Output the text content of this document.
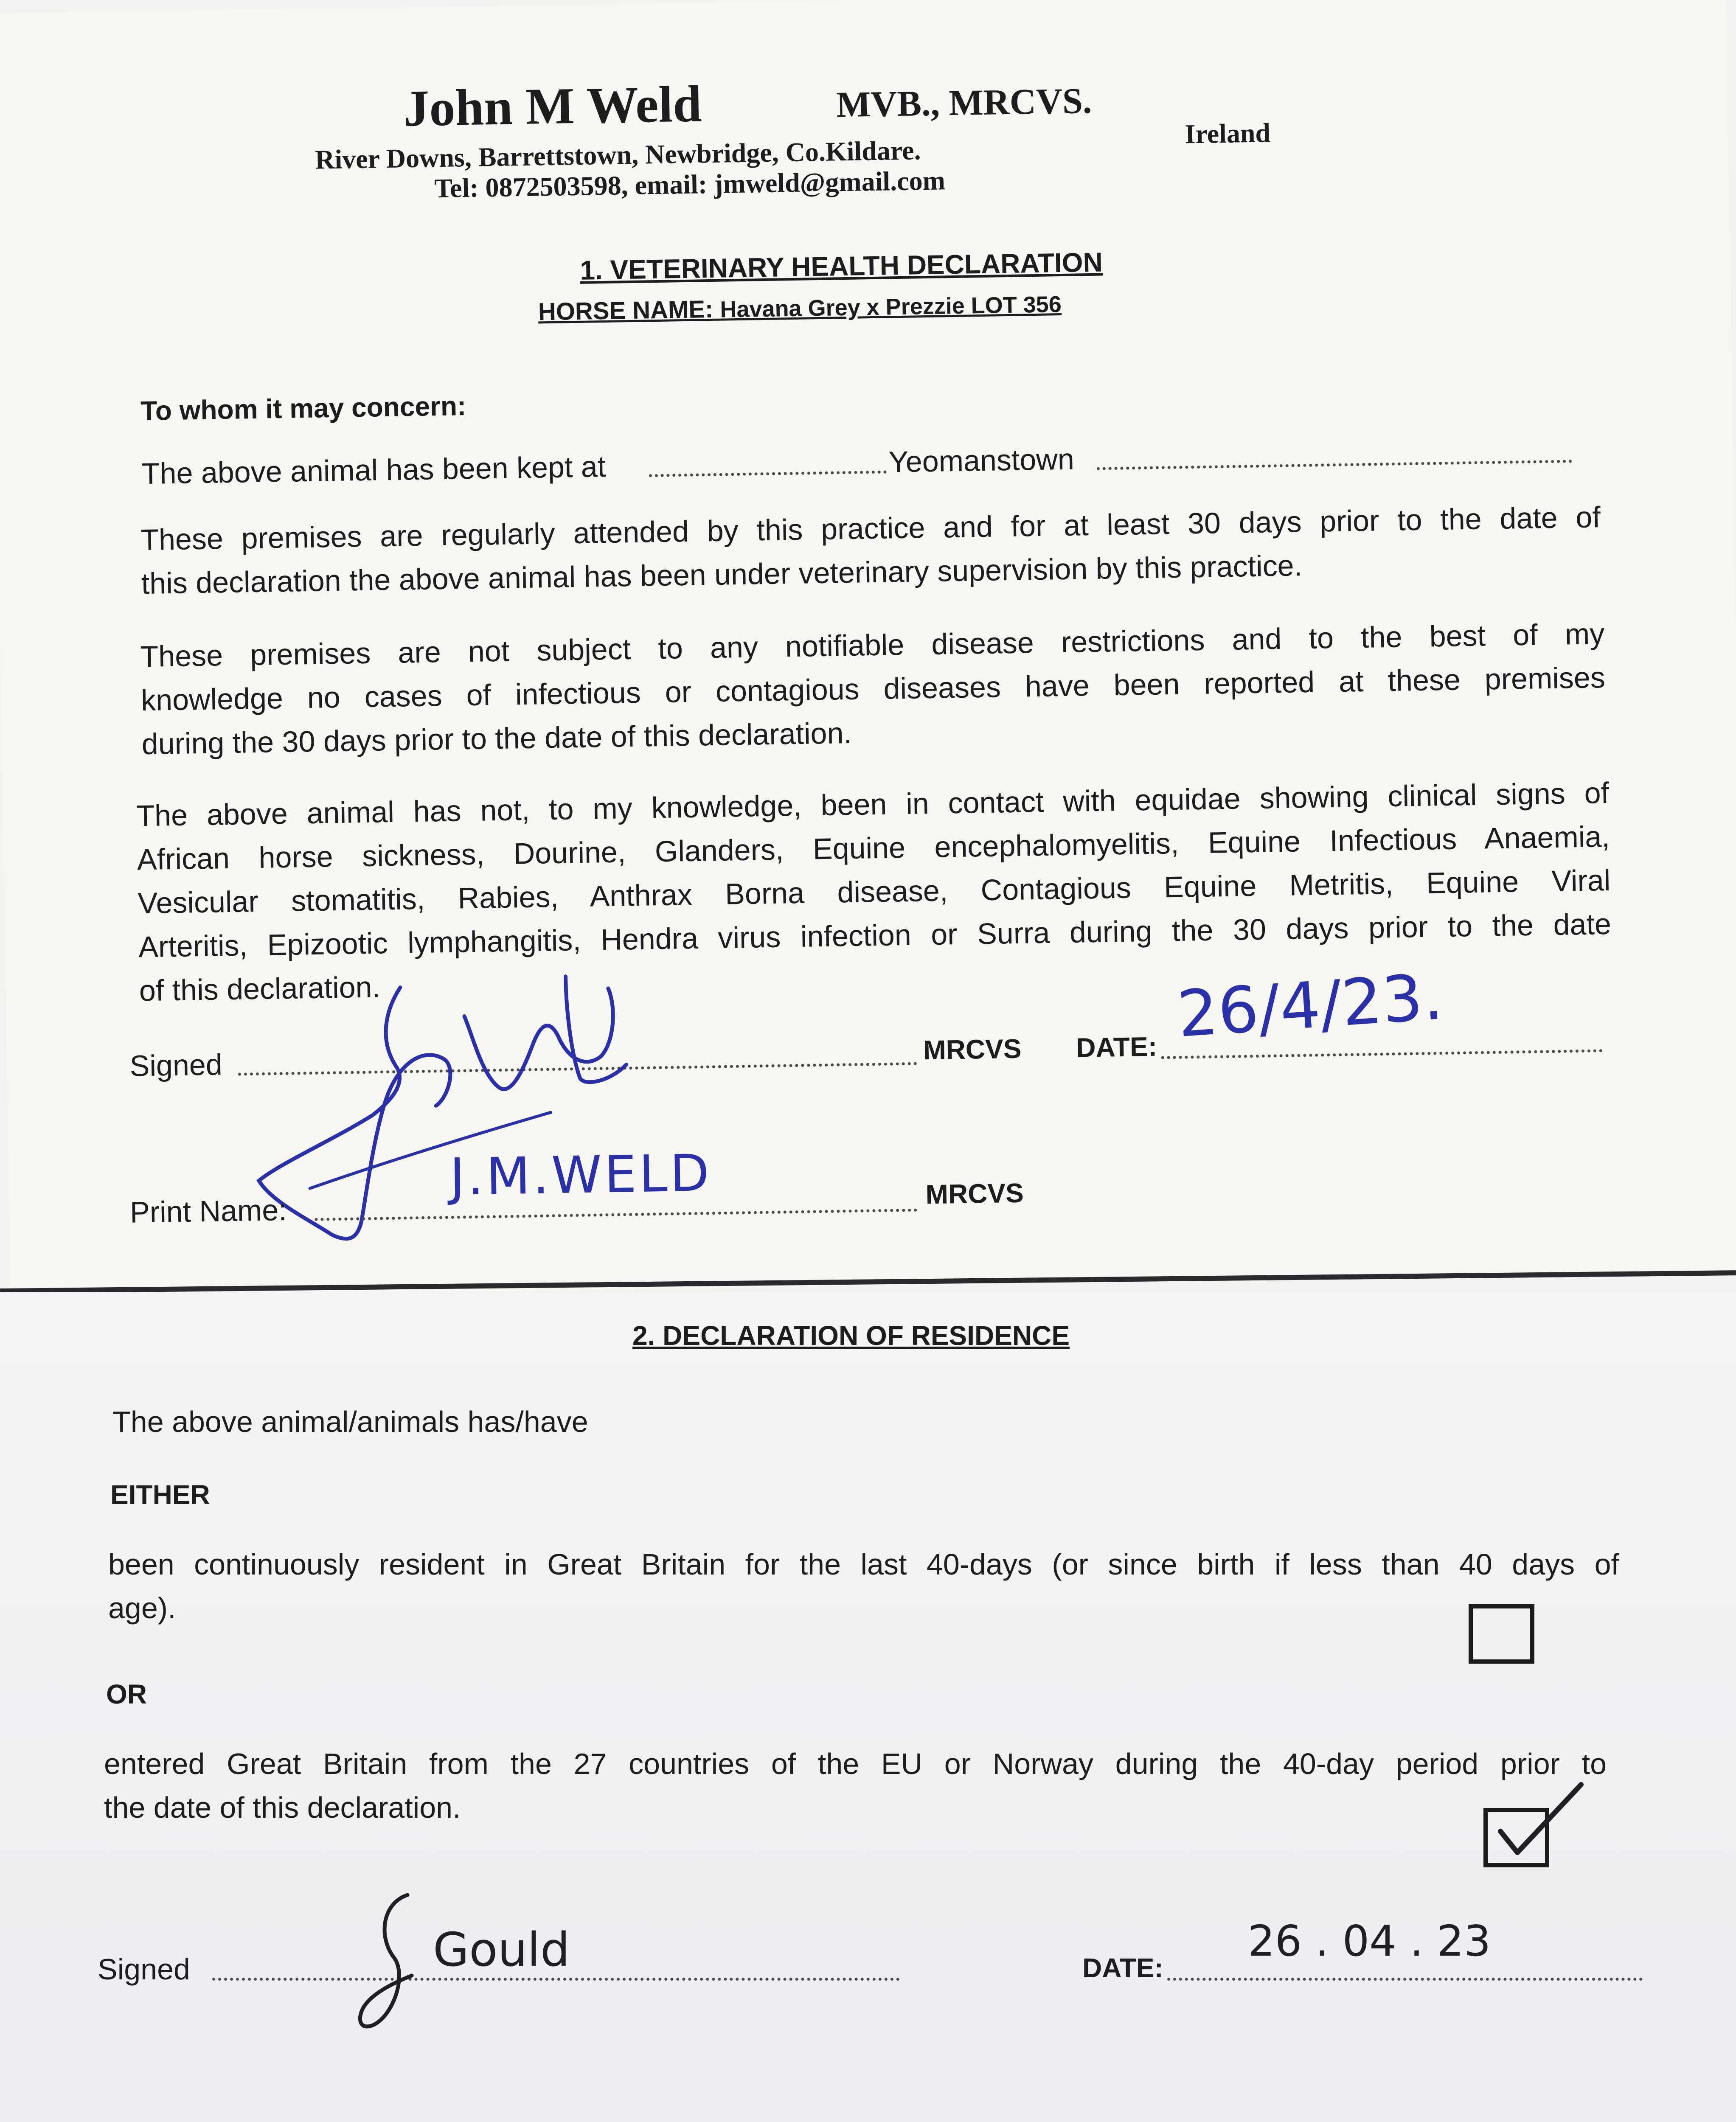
John M Weld	MVB., MRCVS.
River Downs, Barrettstown, Newbridge, Co.Kildare.
Ireland
Tel: 0872503598, email: jmweld@gmail.com
1. VETERINARY HEALTH DECLARATION
HORSE NAME: Havana Grey x Prezzie LOT 356
To whom it may concern:
The above animal has been kept at	Yeomanstown
These premises are regularly attended by this practice and for at least 30 days prior to the date of
this declaration the above animal has been under veterinary supervision by this practice.
These premises are not subject to any notifiable disease restrictions and to the best of my
knowledge no cases of infectious or contagious diseases have been reported at these premises
during the 30 days prior to the date of this declaration.
The above animal has not, to my knowledge, been in contact with equidae showing clinical signs of
African horse sickness, Dourine, Glanders, Equine encephalomyelitis, Equine Infectious Anaemia,
Vesicular stomatitis, Rabies, Anthrax Borna disease, Contagious Equine Metritis, Equine Viral
Arteritis, Epizootic lymphangitis, Hendra virus infection or Surra during the 30 days prior to the date
of this declaration.
Signed	MRCVS DATE: 26/4/23.
Print Name:
J.M.WELD	MRCVS
2. DECLARATION OF RESIDENCE
The above animal/animals has/have
EITHER
been continuously resident in Great Britain for the last 40-days (or since birth if less than 40 days of
age).
OR
entered Great Britain from the 27 countries of the EU or Norway during the 40-day period prior to
the date of this declaration.
Signed	Gould	DATE:
26 . 04 . 23
